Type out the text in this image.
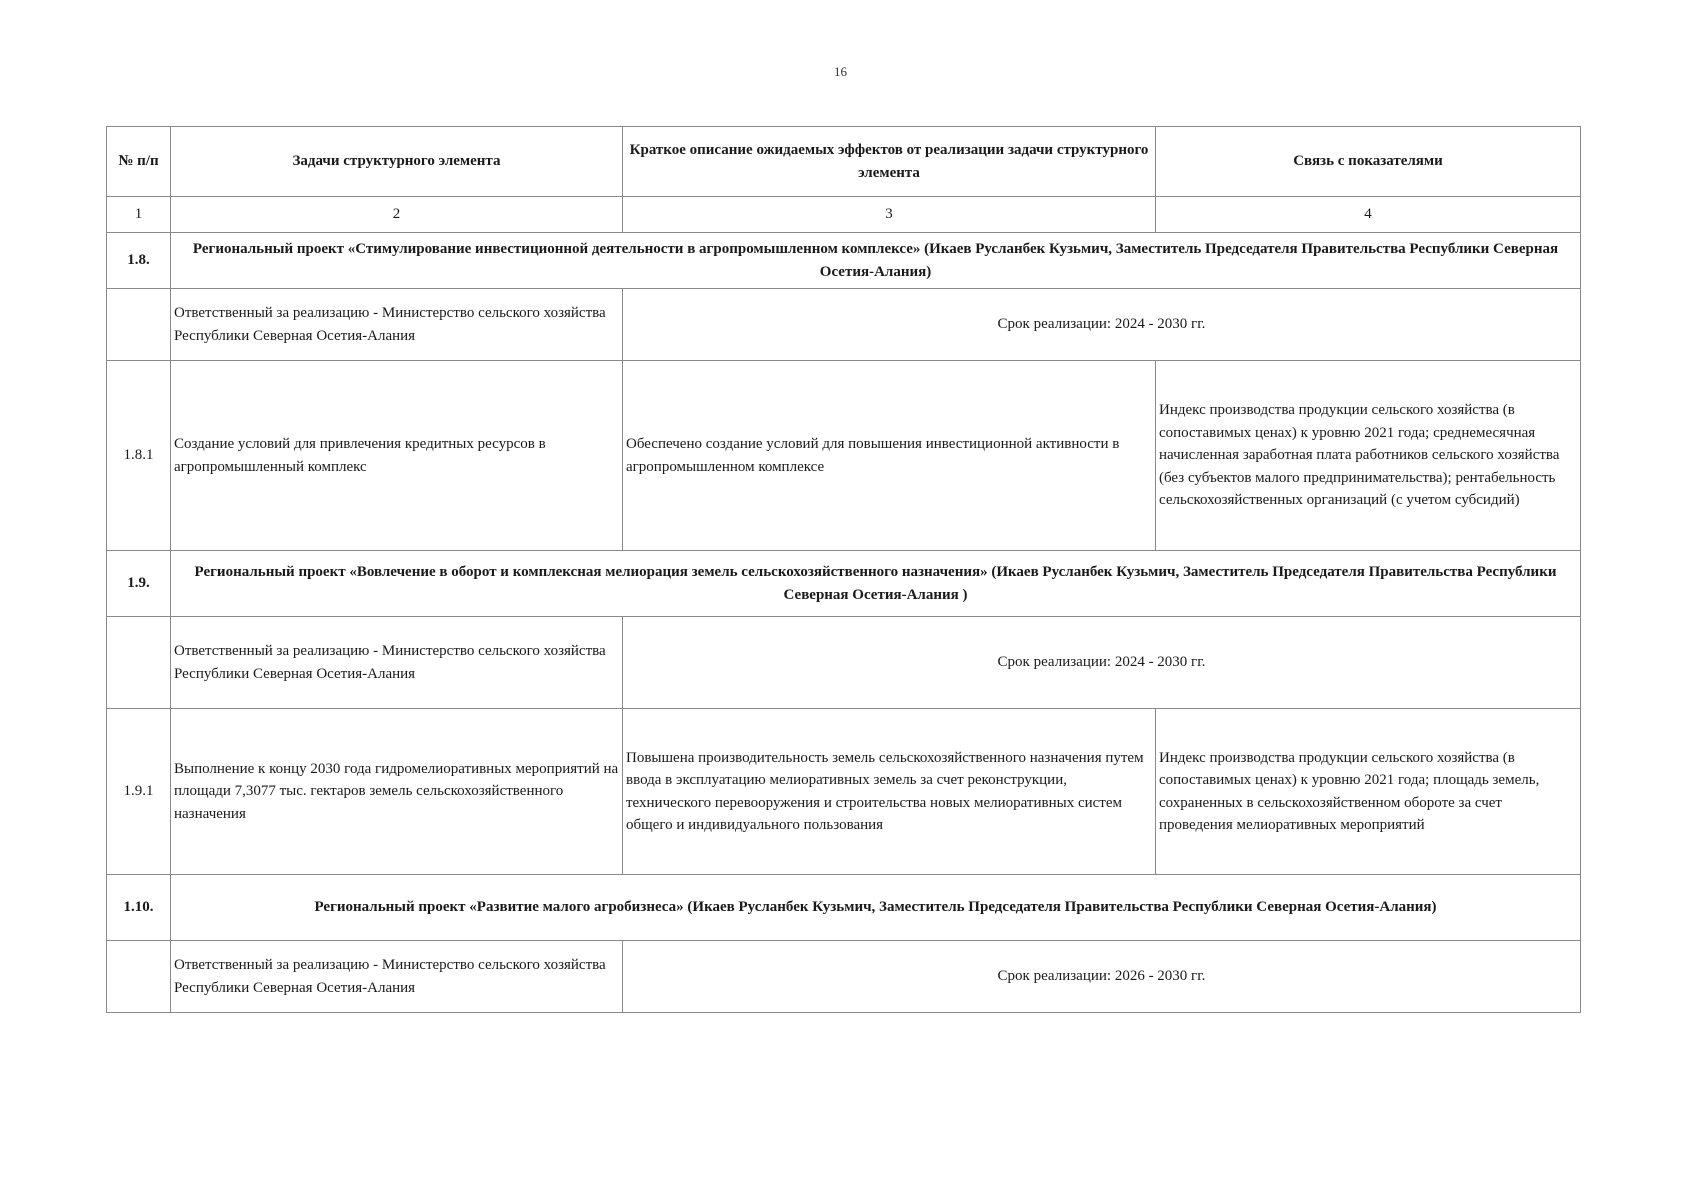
16
№ п/п	Задачи структурного элемента	Краткое описание ожидаемых эффектов от реализации задачи структурного элемента	Связь с показателями
1	2	3	4
1.8.	Региональный проект «Стимулирование инвестиционной деятельности в агропромышленном комплексе» (Икаев Русланбек Кузьмич, Заместитель Председателя Правительства Республики Северная Осетия-Алания)		
	Ответственный за реализацию - Министерство сельского хозяйства Республики Северная Осетия-Алания	Срок реализации: 2024 - 2030 гг.	
1.8.1	Создание условий для привлечения кредитных ресурсов в агропромышленный комплекс	Обеспечено создание условий для повышения инвестиционной активности в агропромышленном комплексе	Индекс производства продукции сельского хозяйства (в сопоставимых ценах) к уровню 2021 года; среднемесячная начисленная заработная плата работников сельского хозяйства (без субъектов малого предпринимательства); рентабельность сельскохозяйственных организаций (с учетом субсидий)
1.9.	Региональный проект «Вовлечение в оборот и комплексная мелиорация земель сельскохозяйственного назначения» (Икаев Русланбек Кузьмич, Заместитель Председателя Правительства Республики Северная Осетия-Алания )		
	Ответственный за реализацию - Министерство сельского хозяйства Республики Северная Осетия-Алания	Срок реализации: 2024 - 2030 гг.	
1.9.1	Выполнение к концу 2030 года гидромелиоративных мероприятий на площади 7,3077 тыс. гектаров земель сельскохозяйственного назначения	Повышена производительность земель сельскохозяйственного назначения путем ввода в эксплуатацию мелиоративных земель за счет реконструкции, технического перевооружения и строительства новых мелиоративных систем общего и индивидуального пользования	Индекс производства продукции сельского хозяйства (в сопоставимых ценах) к уровню 2021 года; площадь земель, сохраненных в сельскохозяйственном обороте за счет проведения мелиоративных мероприятий
1.10.	Региональный проект «Развитие малого агробизнеса» (Икаев Русланбек Кузьмич, Заместитель Председателя Правительства Республики Северная Осетия-Алания)		
	Ответственный за реализацию - Министерство сельского хозяйства Республики Северная Осетия-Алания	Срок реализации: 2026 - 2030 гг.	
